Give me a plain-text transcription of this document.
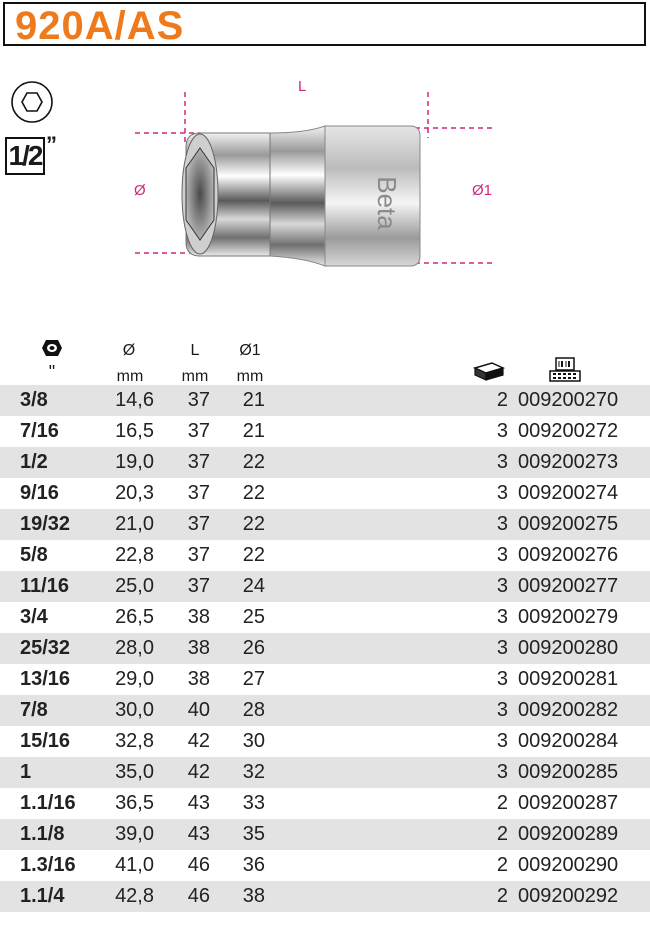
920A/AS
1/2 ”
Beta
L
Ø	Ø1
"
Ø
mm
L
mm
Ø1
mm
3/8	14,6	37	21	2 009200270
7/16	16,5	37	21	3 009200272
1/2	19,0	37	22	3 009200273
9/16	20,3	37	22	3 009200274
19/32	21,0	37	22	3 009200275
5/8	22,8	37	22	3 009200276
11/16	25,0	37	24	3 009200277
3/4	26,5	38	25	3 009200279
25/32	28,0	38	26	3 009200280
13/16	29,0	38	27	3 009200281
7/8	30,0	40	28	3 009200282
15/16	32,8	42	30	3 009200284
1	35,0	42	32	3 009200285
1.1/16	36,5	43	33	2 009200287
1.1/8	39,0	43	35	2 009200289
1.3/16	41,0	46	36	2 009200290
1.1/4	42,8	46	38	2 009200292
